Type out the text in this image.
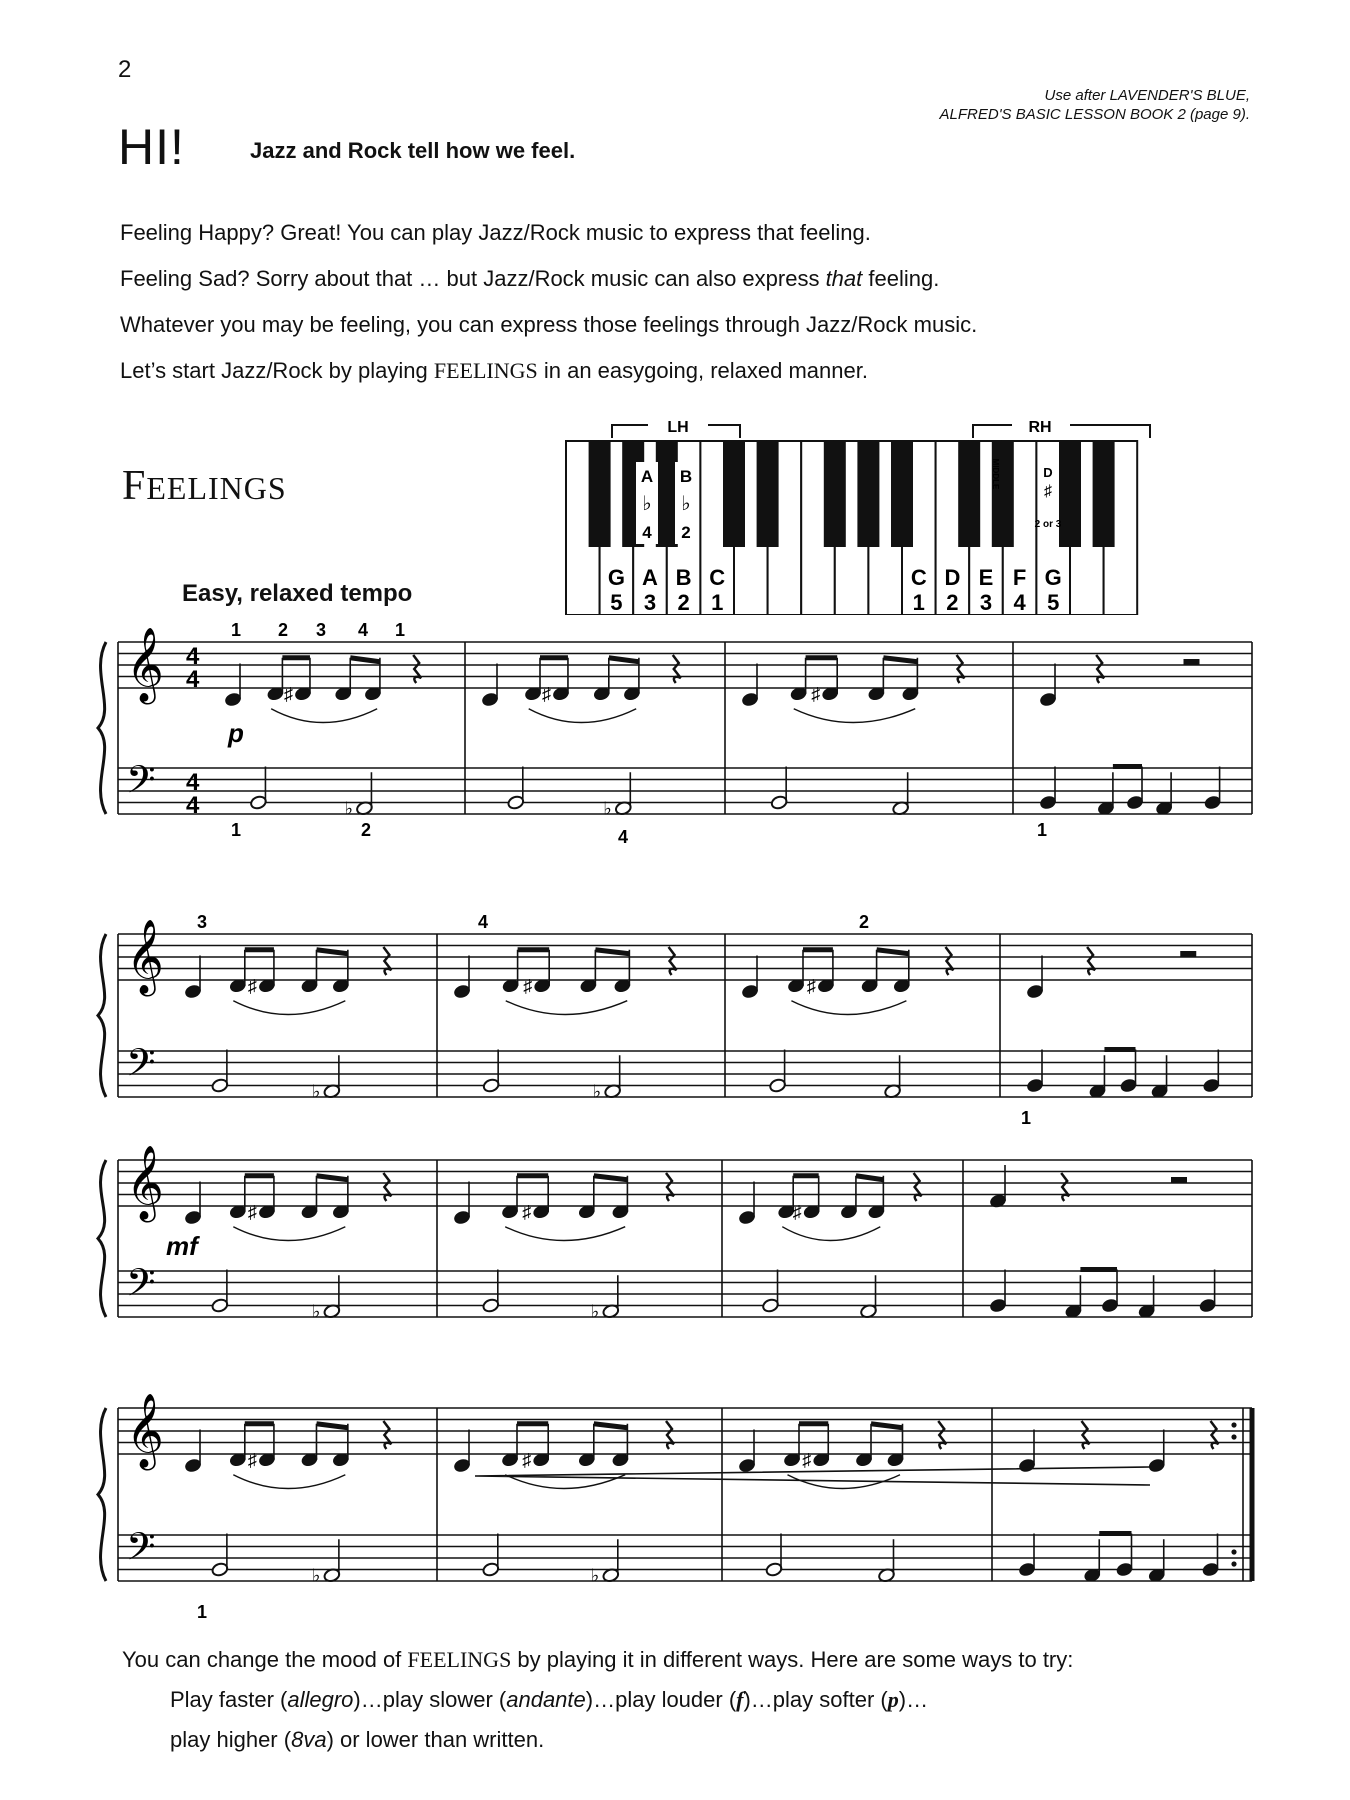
2
Use after LAVENDER'S BLUE,
ALFRED'S BASIC LESSON BOOK 2 (page 9).
HI!	Jazz and Rock tell how we feel.

Feeling Happy? Great! You can play Jazz/Rock music to express that feeling.

Feeling Sad? Sorry about that … but Jazz/Rock music can also express that feeling.

Whatever you may be feeling, you can express those feelings through Jazz/Rock music.

Let’s start Jazz/Rock by playing FEELINGS in an easygoing, relaxed manner.

FEELINGS
Easy, relaxed tempo
LH	RH
A
♭
4
B
♭
2
D
♯
2 or 3
MIDDLE
G
5
A
3
B
2
C
1
C
1
D
2
E
3
F
4
G
5
𝄞
𝄢
4
4
4
4
♯
♭
♯
♭
♯
𝄞
𝄢
♯
♭
♯
♭
♯
𝄞
𝄢
♯
♭
♯
♭
♯
𝄞
𝄢
♯
♭
♯
♭
♯
p
mf
1 2 3 4 1
1	2	4	1
3	4	2
1
1

You can change the mood of FEELINGS by playing it in different ways. Here are some ways to try:

Play faster (allegro)…play slower (andante)…play louder (f)…play softer (p)…

play higher (8va) or lower than written.
